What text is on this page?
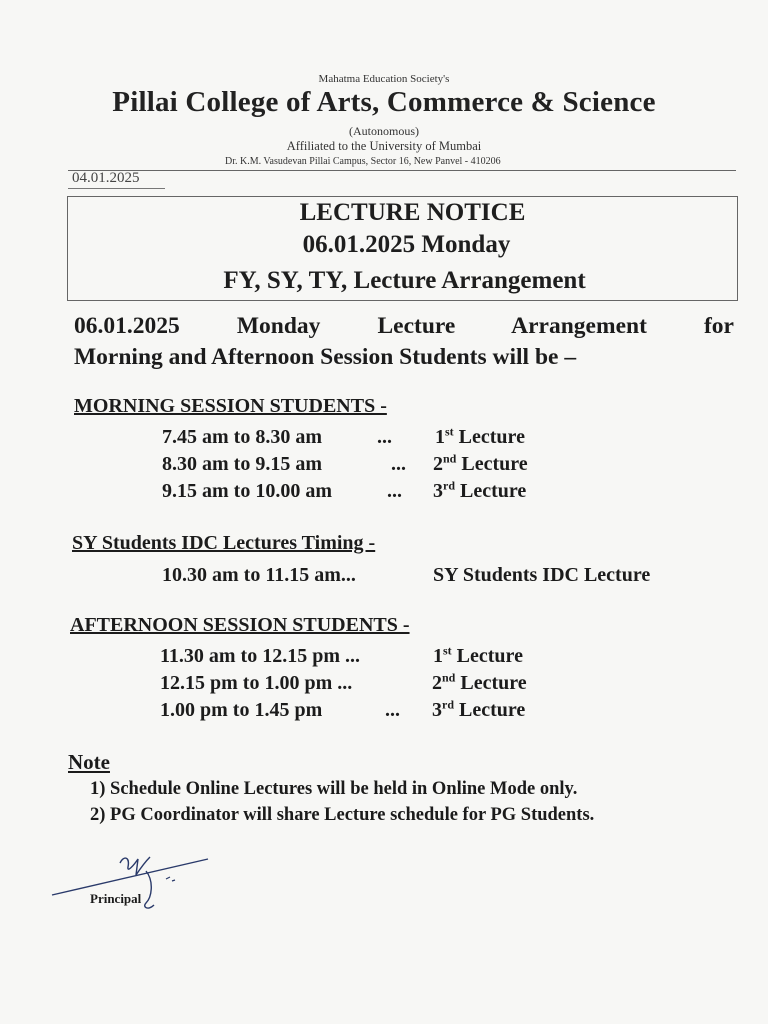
Mahatma Education Society's
Pillai College of Arts, Commerce & Science
(Autonomous)
Affiliated to the University of Mumbai
Dr. K.M. Vasudevan Pillai Campus, Sector 16, New Panvel - 410206
04.01.2025
LECTURE NOTICE
06.01.2025 Monday
FY, SY, TY, Lecture Arrangement
06.01.2025 Monday Lecture Arrangement for
Morning and Afternoon Session Students will be –
MORNING SESSION STUDENTS -
7.45 am to 8.30 am	... 1st Lecture
8.30 am to 9.15 am	... 2nd Lecture
9.15 am to 10.00 am	... 3rd Lecture
SY Students IDC Lectures Timing -
10.30 am to 11.15 am...	SY Students IDC Lecture
AFTERNOON SESSION STUDENTS -
11.30 am to 12.15 pm ...	1st Lecture
12.15 pm to 1.00 pm ...	2nd Lecture
1.00 pm to 1.45 pm	... 3rd Lecture
Note
1) Schedule Online Lectures will be held in Online Mode only.
2) PG Coordinator will share Lecture schedule for PG Students.
Principal
